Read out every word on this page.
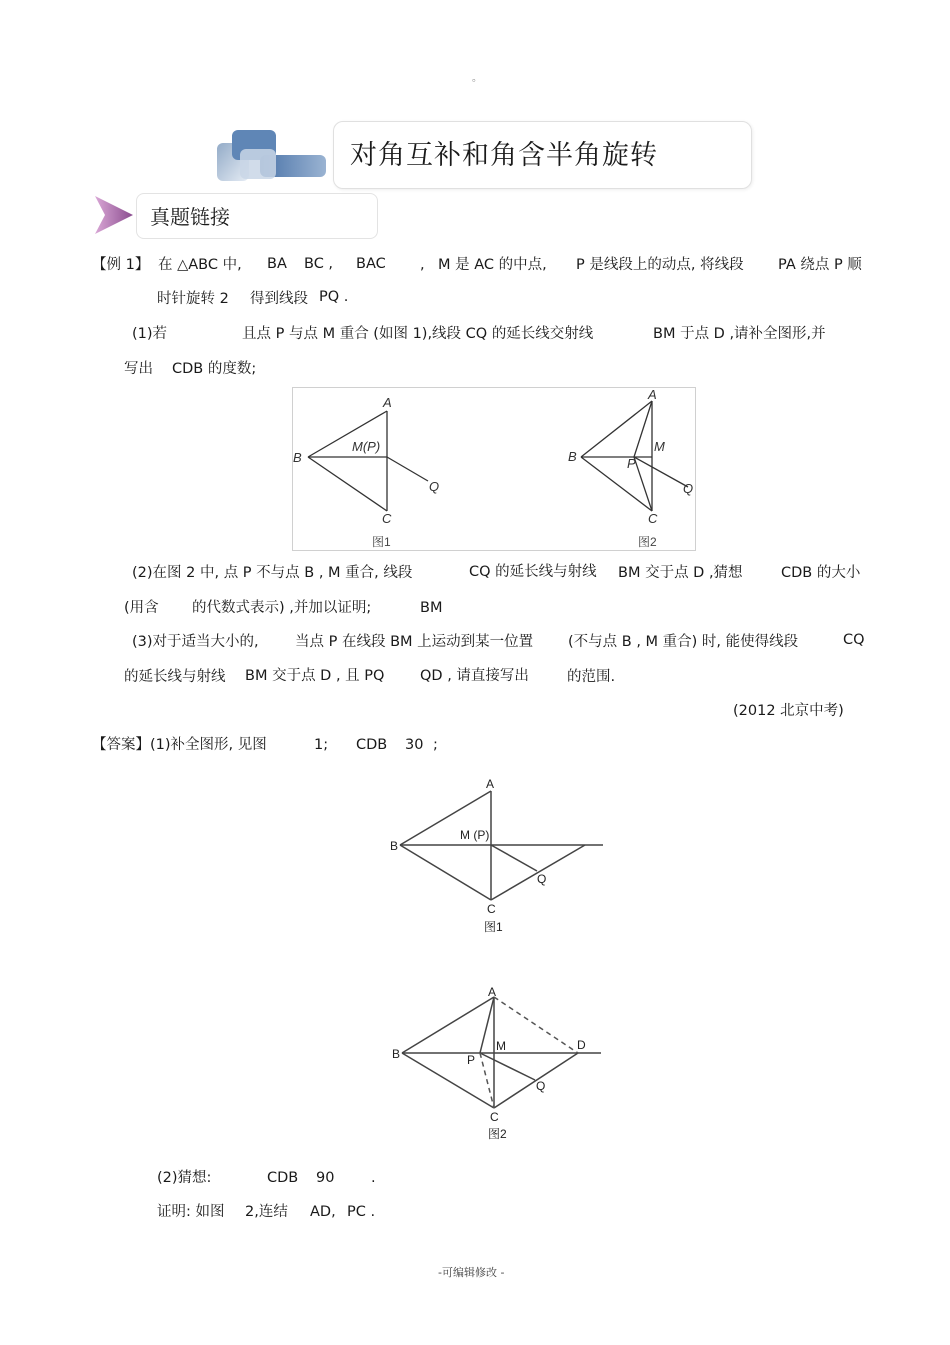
。
对角互补和角含半角旋转
真题链接
【例 1】 在 △ABC 中, BA BC , BAC , M 是 AC 的中点, P 是线段上的动点, 将线段 PA 绕点 P 顺
时针旋转 2 得到线段 PQ .
(1)若	且点 P 与点 M 重合 (如图 1),线段 CQ 的延长线交射线	BM 于点 D ,请补全图形,并
写出 CDB 的度数;
A
B
M(P)
Q
C
A
B
M
P
Q
C
图1	图2
(2)在图 2 中, 点 P 不与点 B , M 重合, 线段	CQ 的延长线与射线 BM 交于点 D ,猜想	CDB 的大小
(用含 的代数式表示) ,并加以证明;	BM
(3)对于适当大小的,	当点 P 在线段 BM 上运动到某一位置 (不与点 B , M 重合) 时, 能使得线段	CQ
的延长线与射线 BM 交于点 D , 且 PQ QD , 请直接写出	的范围.
(2012 北京中考)
【答案】 (1)补全图形, 见图	1; CDB 30 ;
A
B
M (P)
Q
C
图1
A
B
M
P
D
Q
C
图2
(2)猜想:	CDB 90	.
证明: 如图 2,连结 AD, PC .
-可编辑修改 -
